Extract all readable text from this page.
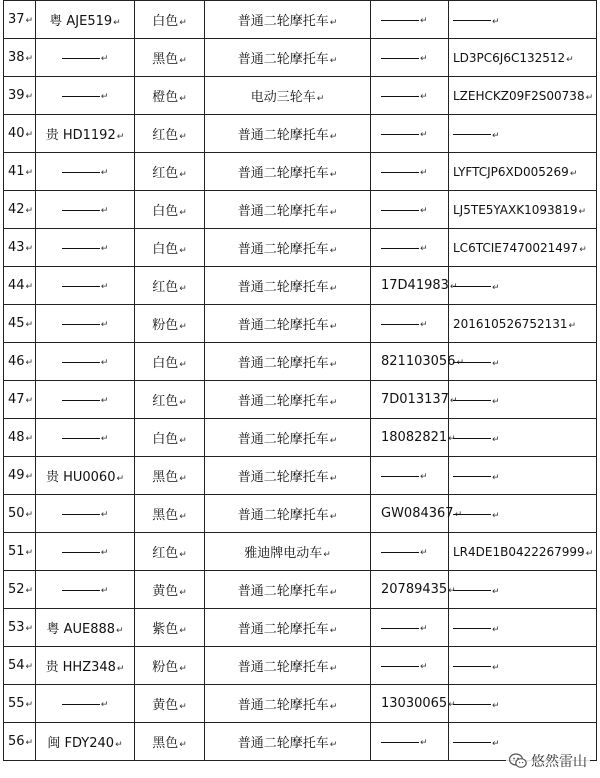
37↵	粤 AJE519↵	白色↵	普通二轮摩托车↵	↵	↵
38↵	↵	黑色↵	普通二轮摩托车↵	↵	LD3PC6J6C132512↵
39↵	↵	橙色↵	电动三轮车↵	↵	LZEHCKZ09F2S00738↵
40↵	贵 HD1192↵	红色↵	普通二轮摩托车↵	↵	↵
41↵	↵	红色↵	普通二轮摩托车↵	↵	LYFTCJP6XD005269↵
42↵	↵	白色↵	普通二轮摩托车↵	↵	LJ5TE5YAXK1093819↵
43↵	↵	白色↵	普通二轮摩托车↵	↵	LC6TCIE7470021497↵
44↵	↵	红色↵	普通二轮摩托车↵	17D41983↵	↵
45↵	↵	粉色↵	普通二轮摩托车↵	↵	201610526752131↵
46↵	↵	白色↵	普通二轮摩托车↵	821103056↵	↵
47↵	↵	红色↵	普通二轮摩托车↵	7D013137↵	↵
48↵	↵	白色↵	普通二轮摩托车↵	18082821↵	↵
49↵	贵 HU0060↵	黑色↵	普通二轮摩托车↵	↵	↵
50↵	↵	黑色↵	普通二轮摩托车↵	GW084367↵	↵
51↵	↵	红色↵	雅迪牌电动车↵	↵	LR4DE1B0422267999↵
52↵	↵	黄色↵	普通二轮摩托车↵	20789435↵	↵
53↵	粤 AUE888↵	紫色↵	普通二轮摩托车↵	↵	↵
54↵	贵 HHZ348↵	粉色↵	普通二轮摩托车↵	↵	↵
55↵	↵	黄色↵	普通二轮摩托车↵	13030065↵	↵
56↵	闽 FDY240↵	黑色↵	普通二轮摩托车↵	↵	↵
悠然雷山
